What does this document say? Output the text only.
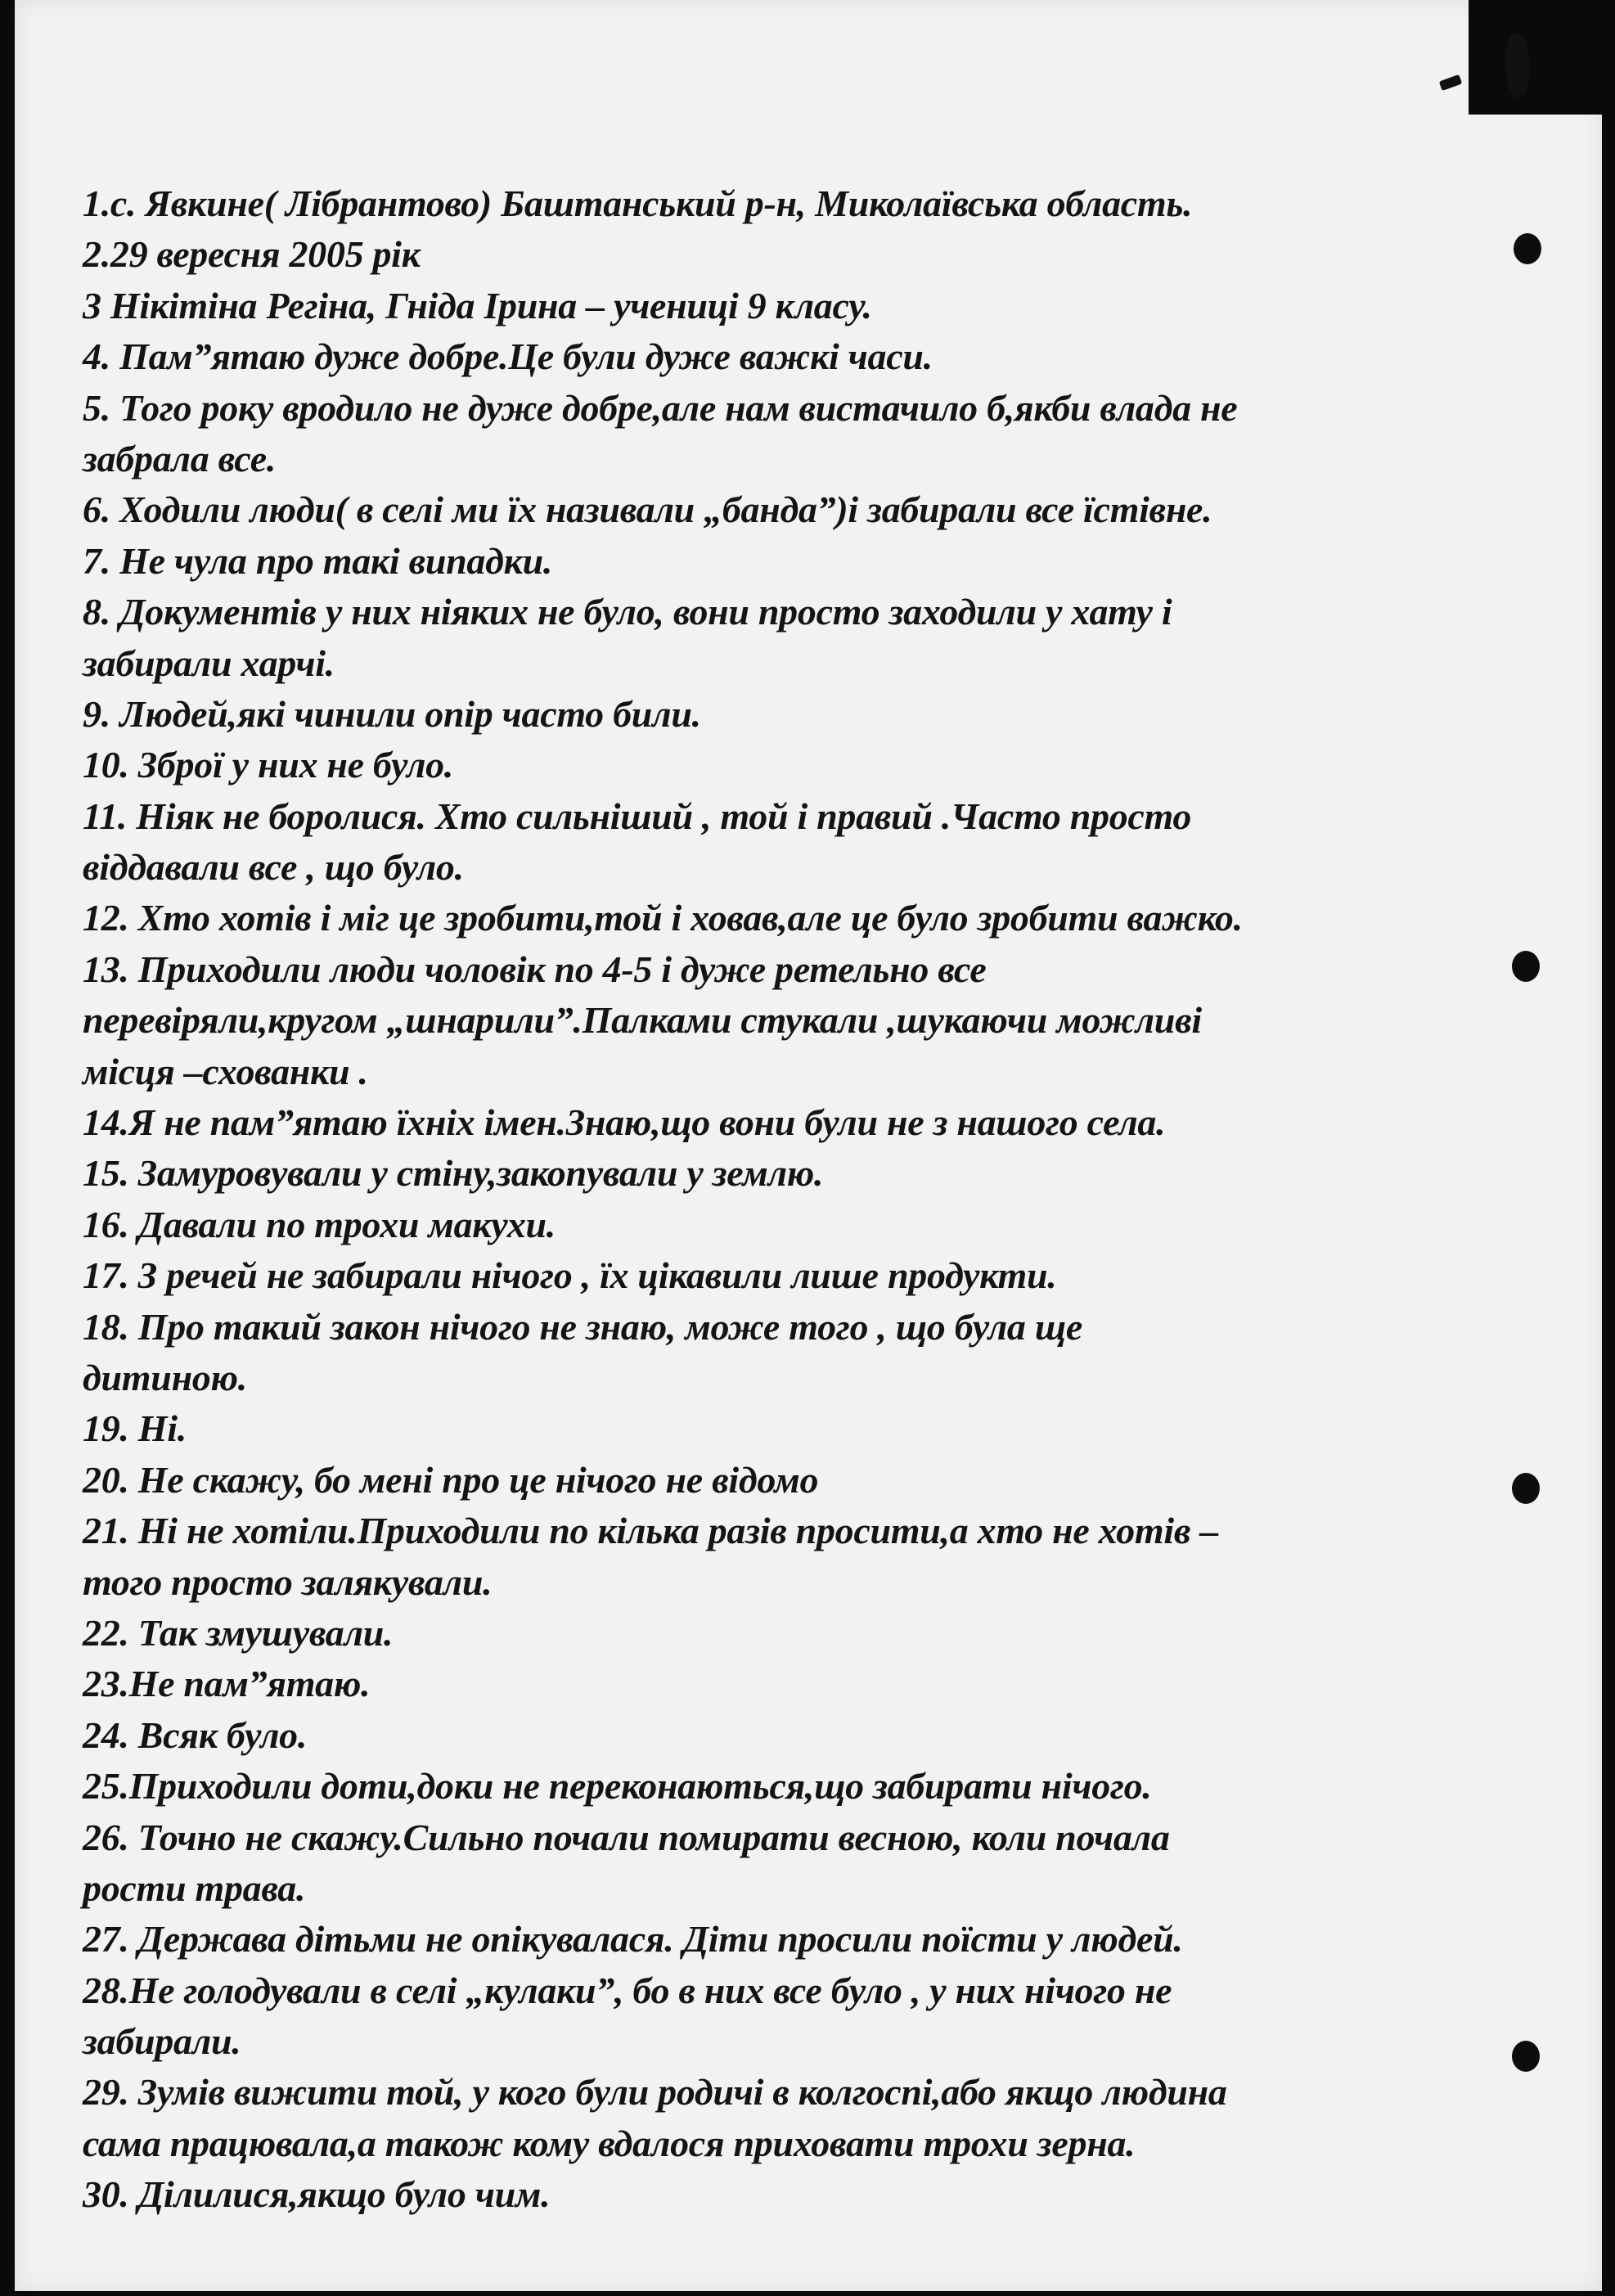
1.с. Явкине( Лібрантово) Баштанський р-н, Миколаївська область.
2.29 вересня 2005 рік
3 Нікітіна Регіна, Гніда Ірина – учениці 9 класу.
4. Пам”ятаю дуже добре.Це були дуже важкі часи.
5. Того року вродило не дуже добре,але нам вистачило б,якби влада не
забрала все.
6. Ходили люди( в селі ми їх називали „банда”)і забирали все їстівне.
7. Не чула про такі випадки.
8. Документів у них ніяких не було, вони просто заходили у хату і
забирали харчі.
9. Людей,які чинили опір часто били.
10. Зброї у них не було.
11. Ніяк не боролися. Хто сильніший , той і правий .Часто просто
віддавали все , що було.
12. Хто хотів і міг це зробити,той і ховав,але це було зробити важко.
13. Приходили люди чоловік по 4-5 і дуже ретельно все
перевіряли,кругом „шнарили”.Палками стукали ,шукаючи можливі
місця –схованки .
14.Я не пам”ятаю їхніх імен.Знаю,що вони були не з нашого села.
15. Замуровували у стіну,закопували у землю.
16. Давали по трохи макухи.
17. З речей не забирали нічого , їх цікавили лише продукти.
18. Про такий закон нічого не знаю, може того , що була ще
дитиною.
19. Ні.
20. Не скажу, бо мені про це нічого не відомо
21. Ні не хотіли.Приходили по кілька разів просити,а хто не хотів –
того просто залякували.
22. Так змушували.
23.Не пам”ятаю.
24. Всяк було.
25.Приходили доти,доки не переконаються,що забирати нічого.
26. Точно не скажу.Сильно почали помирати весною, коли почала
рости трава.
27. Держава дітьми не опікувалася. Діти просили поїсти у людей.
28.Не голодували в селі „кулаки”, бо в них все було , у них нічого не
забирали.
29. Зумів вижити той, у кого були родичі в колгоспі,або якщо людина
сама працювала,а також кому вдалося приховати трохи зерна.
30. Ділилися,якщо було чим.
